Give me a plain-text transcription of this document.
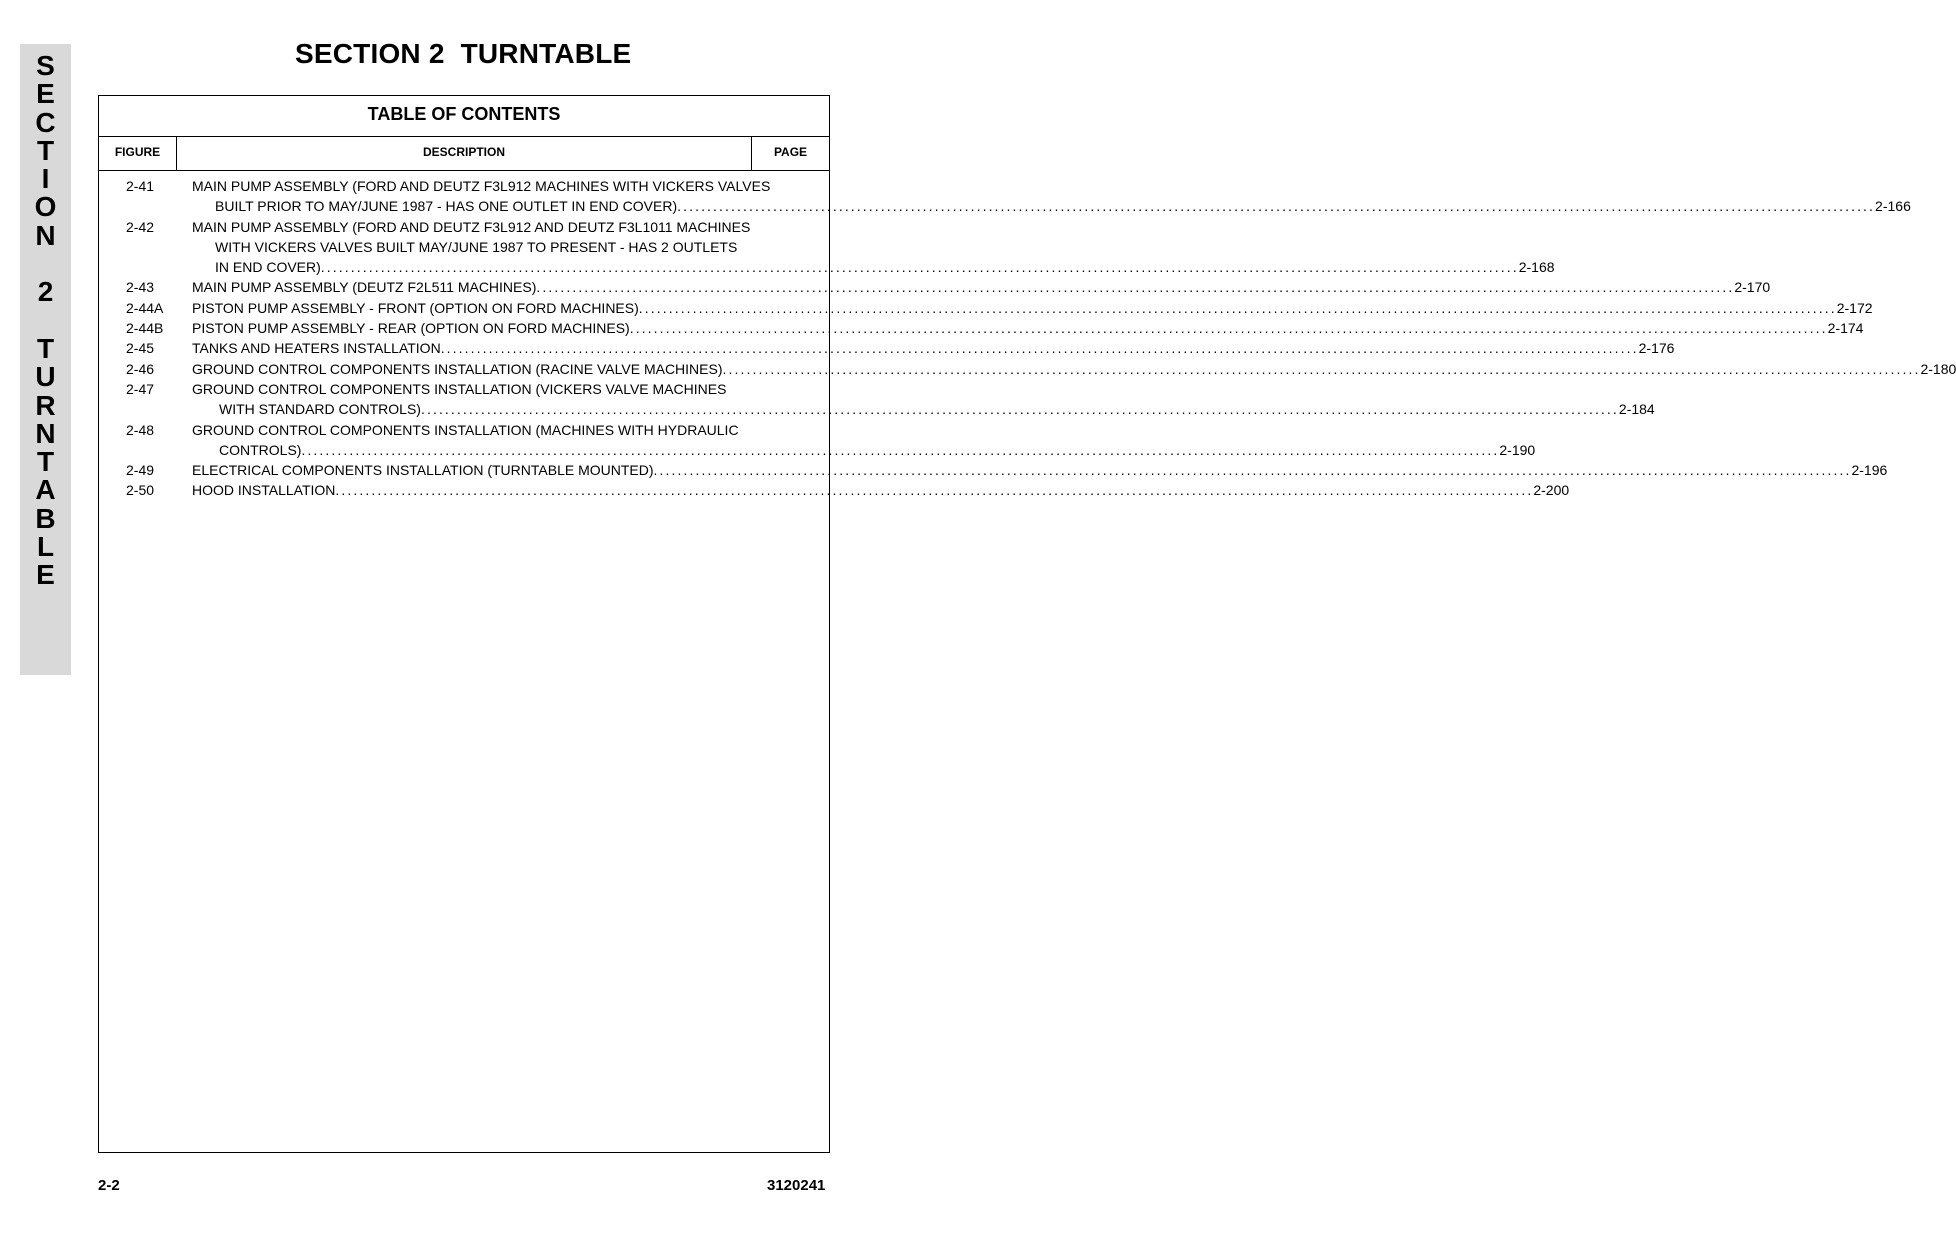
S
E
C
T
I
O
N

2

T
U
R
N
T
A
B
L
E
SECTION 2  TURNTABLE
TABLE OF CONTENTS
FIGURE	DESCRIPTION	PAGE
2-41	MAIN PUMP ASSEMBLY (FORD AND DEUTZ F3L912 MACHINES WITH VICKERS VALVES
BUILT PRIOR TO MAY/JUNE 1987 - HAS ONE OUTLET IN END COVER) ........................................................................................................................................................................................................ 2-166
2-42	MAIN PUMP ASSEMBLY (FORD AND DEUTZ F3L912 AND DEUTZ F3L1011 MACHINES
WITH VICKERS VALVES BUILT MAY/JUNE 1987 TO PRESENT - HAS 2 OUTLETS
IN END COVER) ........................................................................................................................................................................................................ 2-168
2-43	MAIN PUMP ASSEMBLY (DEUTZ F2L511 MACHINES) ........................................................................................................................................................................................................ 2-170
2-44A PISTON PUMP ASSEMBLY - FRONT (OPTION ON FORD MACHINES) ........................................................................................................................................................................................................ 2-172
2-44B PISTON PUMP ASSEMBLY - REAR (OPTION ON FORD MACHINES) ........................................................................................................................................................................................................ 2-174
2-45	TANKS AND HEATERS INSTALLATION ........................................................................................................................................................................................................ 2-176
2-46	GROUND CONTROL COMPONENTS INSTALLATION (RACINE VALVE MACHINES) ........................................................................................................................................................................................................ 2-180
2-47	GROUND CONTROL COMPONENTS INSTALLATION (VICKERS VALVE MACHINES
WITH STANDARD CONTROLS) ........................................................................................................................................................................................................ 2-184
2-48	GROUND CONTROL COMPONENTS INSTALLATION (MACHINES WITH HYDRAULIC
CONTROLS) ........................................................................................................................................................................................................ 2-190
2-49	ELECTRICAL COMPONENTS INSTALLATION (TURNTABLE MOUNTED) ........................................................................................................................................................................................................ 2-196
2-50	HOOD INSTALLATION ........................................................................................................................................................................................................ 2-200
2-2	3120241
